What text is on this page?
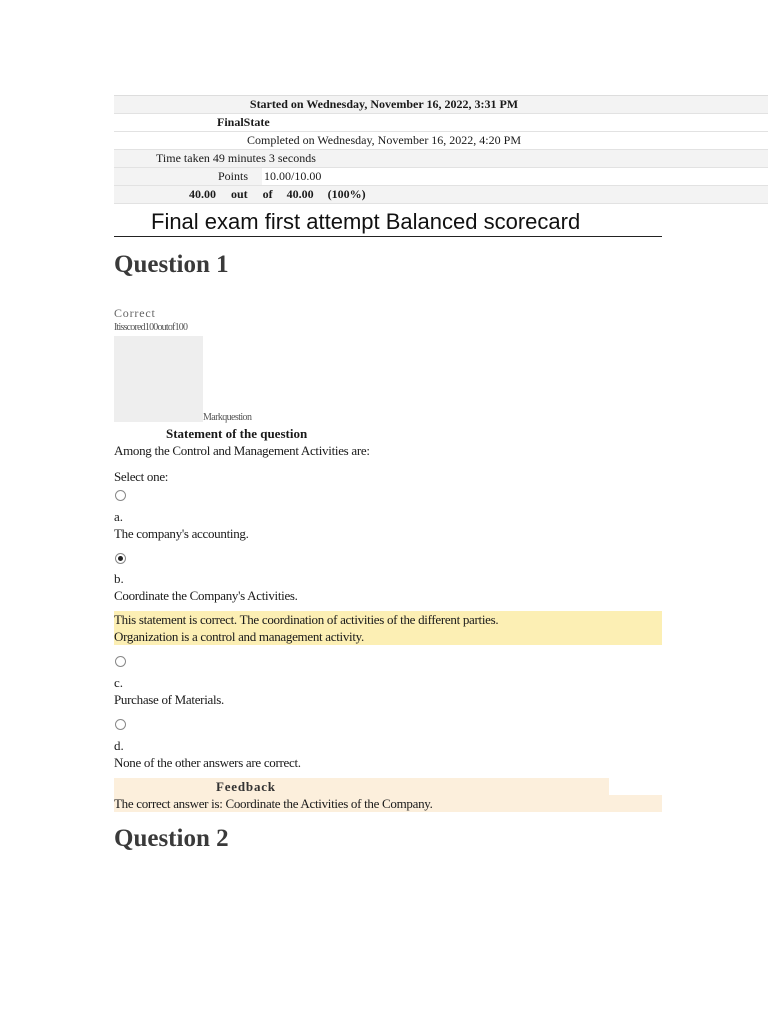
Started on Wednesday, November 16, 2022, 3:31 PM
FinalState
Completed on Wednesday, November 16, 2022, 4:20 PM
Time taken 49 minutes 3 seconds
Points	10.00/10.00
40.00	out	of	40.00	(100%)
Final exam first attempt Balanced scorecard
Question 1
Correct
Itisscored100outof100
Markquestion
Statement of the question
Among the Control and Management Activities are:
Select one:
a.
The company's accounting.
b.
Coordinate the Company's Activities.
This statement is correct. The coordination of activities of the different parties.
Organization is a control and management activity.
c.
Purchase of Materials.
d.
None of the other answers are correct.
Feedback
The correct answer is: Coordinate the Activities of the Company.
Question 2
